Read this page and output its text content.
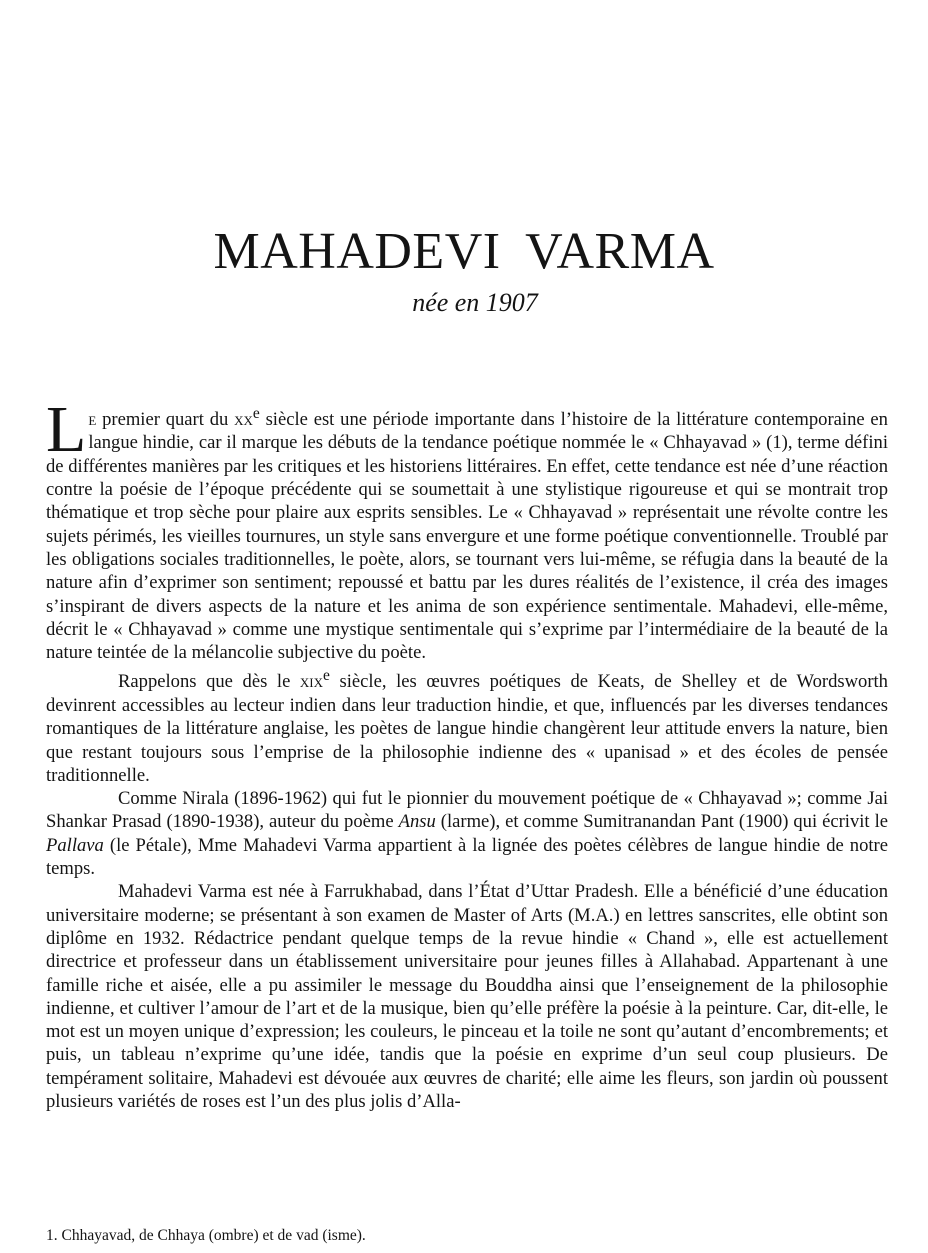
MAHADEVI VARMA
née en 1907

Le premier quart du $xx^e$ siècle est une période importante dans l’histoire de la littérature contemporaine en langue hindie, car il marque les débuts de la tendance poétique nommée le « Chhayavad » (1), terme défini de différentes manières par les critiques et les historiens littéraires. En effet, cette tendance est née d’une réaction contre la poésie de l’époque précédente qui se soumettait à une stylistique rigoureuse et qui se montrait trop thématique et trop sèche pour plaire aux esprits sensibles. Le « Chhayavad » représentait une révolte contre les sujets périmés, les vieilles tournures, un style sans envergure et une forme poétique conventionnelle. Troublé par les obligations sociales traditionnelles, le poète, alors, se tournant vers lui-même, se réfugia dans la beauté de la nature afin d’exprimer son sentiment; repoussé et battu par les dures réalités de l’existence, il créa des images s’inspirant de divers aspects de la nature et les anima de son expérience sentimentale. Mahadevi, elle-même, décrit le « Chhayavad » comme une mystique sentimentale qui s’exprime par l’intermédiaire de la beauté de la nature teintée de la mélancolie subjective du poète.

Rappelons que dès le xix$^e$ siècle, les œuvres poétiques de Keats, de Shelley et de Wordsworth devinrent accessibles au lecteur indien dans leur traduction hindie, et que, influencés par les diverses tendances romantiques de la littérature anglaise, les poètes de langue hindie changèrent leur attitude envers la nature, bien que restant toujours sous l’emprise de la philosophie indienne des « upanisad » et des écoles de pensée traditionnelle.

Comme Nirala (1896-1962) qui fut le pionnier du mouvement poétique de « Chhayavad »; comme Jai Shankar Prasad (1890-1938), auteur du poème Ansu (larme), et comme Sumitranandan Pant (1900) qui écrivit le Pallava (le Pétale), Mme Mahadevi Varma appartient à la lignée des poètes célèbres de langue hindie de notre temps.

Mahadevi Varma est née à Farrukhabad, dans l’État d’Uttar Pradesh. Elle a bénéficié d’une éducation universitaire moderne; se présentant à son examen de Master of Arts (M.A.) en lettres sanscrites, elle obtint son diplôme en 1932. Rédactrice pendant quelque temps de la revue hindie « Chand », elle est actuellement directrice et professeur dans un établissement universitaire pour jeunes filles à Allahabad. Appartenant à une famille riche et aisée, elle a pu assimiler le message du Bouddha ainsi que l’enseignement de la philosophie indienne, et cultiver l’amour de l’art et de la musique, bien qu’elle préfère la poésie à la peinture. Car, dit-elle, le mot est un moyen unique d’expression; les couleurs, le pinceau et la toile ne sont qu’autant d’encombrements; et puis, un tableau n’exprime qu’une idée, tandis que la poésie en exprime d’un seul coup plusieurs. De tempérament solitaire, Mahadevi est dévouée aux œuvres de charité; elle aime les fleurs, son jardin où poussent plusieurs variétés de roses est l’un des plus jolis d’Alla-

1. Chhayavad, de Chhaya (ombre) et de vad (isme).
